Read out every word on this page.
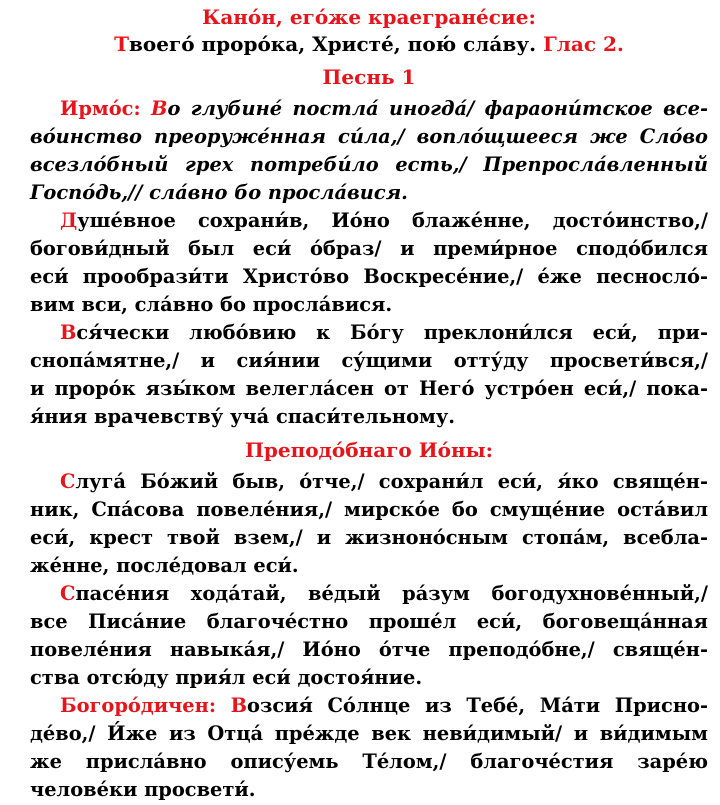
Кано́н, его́же краегране́сие:

Твoего́ проро́ка, Христе́, пою́ сла́ву. Глас 2.

Песнь 1

Ирмо́с: Во глубине́ постла́ иногда́/ фараони́тское все-
во́инство преоруже́нная си́ла,/ вопло́щшееся же Сло́во
всезло́бный грех потреби́ло есть,/ Препросла́вленный
Госпо́дь,// сла́вно бо просла́вися.
Душе́вное сохрани́в, Ио́но блаже́нне, досто́инство,/
богови́дный был еси́ о́браз/ и преми́рное сподо́бился
еси́ проoбрази́ти Христо́во Воскресе́ние,/ е́же песносло́-
вим вси, сла́вно бо просла́вися.
Вся́чески любо́вию к Бо́гу преклони́лся еси́, при-
снопа́мятне,/ и сия́нии су́щими отту́ду просвети́вся,/
и проро́к язы́ком велегла́сен от Него́ устро́ен еси́,/ пока-
я́ния врачевству́ уча́ спаси́тельному.

Преподо́бнаго Ио́ны:

Слуга́ Бо́жий быв, о́тче,/ сохрани́л еси́, я́ко свяще́н-
ник, Спа́сова повеле́ния,/ мирско́е бо смуще́ние оста́вил
еси́, крест твой взем,/ и жизноно́сным стопа́м, всебла-
же́нне, после́довал еси́.
Спасе́ния хода́тай, ве́дый ра́зум богодухнове́нный,/
все Писа́ние благоче́стно проше́л еси́, боговеща́нная
повеле́ния навыка́я,/ Ио́но о́тче преподо́бне,/ свяще́н-
ства отсю́ду прия́л еси́ достоя́ние.
Богоро́дичен: Возсия́ Со́лнце из Тебе́, Ма́ти Присно-
де́во,/ И́же из Отца́ пре́жде век неви́димый/ и ви́димым
же присла́вно опису́емь Те́лом,/ благоче́стия заре́ю
челове́ки просвети́.
